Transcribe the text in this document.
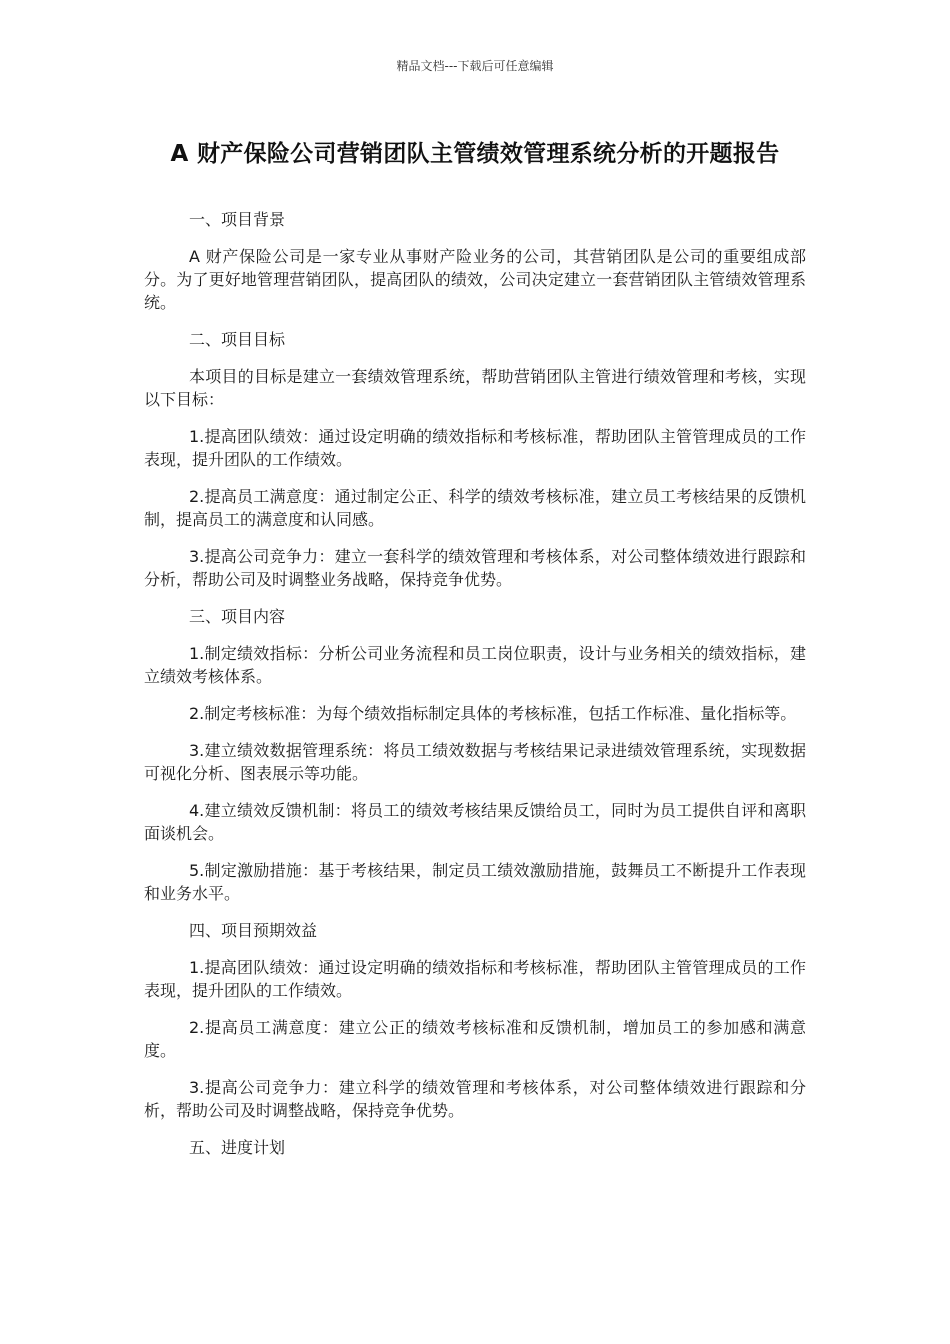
精品文档---下载后可任意编辑
A 财产保险公司营销团队主管绩效管理系统分析的开题报告

一、项目背景

A 财产保险公司是一家专业从事财产险业务的公司，其营销团队是公司的重要组成部分。为了更好地管理营销团队，提高团队的绩效，公司决定建立一套营销团队主管绩效管理系统。

二、项目目标

本项目的目标是建立一套绩效管理系统，帮助营销团队主管进行绩效管理和考核，实现以下目标：

1.提高团队绩效：通过设定明确的绩效指标和考核标准，帮助团队主管管理成员的工作表现，提升团队的工作绩效。

2.提高员工满意度：通过制定公正、科学的绩效考核标准，建立员工考核结果的反馈机制，提高员工的满意度和认同感。

3.提高公司竞争力：建立一套科学的绩效管理和考核体系，对公司整体绩效进行跟踪和分析，帮助公司及时调整业务战略，保持竞争优势。

三、项目内容

1.制定绩效指标：分析公司业务流程和员工岗位职责，设计与业务相关的绩效指标，建立绩效考核体系。

2.制定考核标准：为每个绩效指标制定具体的考核标准，包括工作标准、量化指标等。

3.建立绩效数据管理系统：将员工绩效数据与考核结果记录进绩效管理系统，实现数据可视化分析、图表展示等功能。

4.建立绩效反馈机制：将员工的绩效考核结果反馈给员工，同时为员工提供自评和离职面谈机会。

5.制定激励措施：基于考核结果，制定员工绩效激励措施，鼓舞员工不断提升工作表现和业务水平。

四、项目预期效益

1.提高团队绩效：通过设定明确的绩效指标和考核标准，帮助团队主管管理成员的工作表现，提升团队的工作绩效。

2.提高员工满意度：建立公正的绩效考核标准和反馈机制，增加员工的参加感和满意度。

3.提高公司竞争力：建立科学的绩效管理和考核体系，对公司整体绩效进行跟踪和分析，帮助公司及时调整战略，保持竞争优势。

五、进度计划
